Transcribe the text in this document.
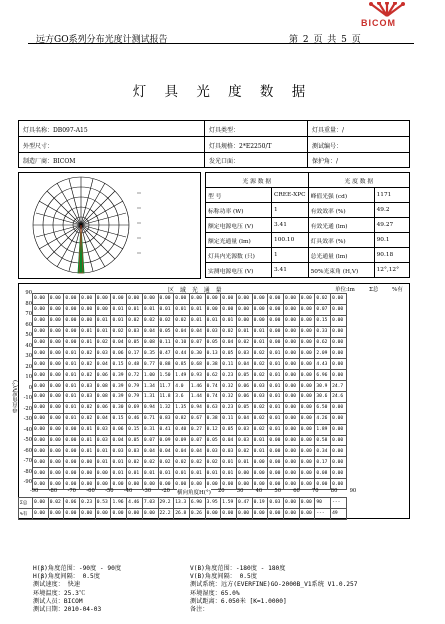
远方GO系列分布光度计测试报告	第 2 页 共 5 页
BICOM
灯 具 光 度 数 据
灯具名称：DB097-A15	灯具类型：	灯具重量：/
外型尺寸：	灯具规格：2*E2250/T	测试编号：
制造厂商：BICOM	发光口面：	保护角：/
光 源 数 据		光 度 数 据	
型 号	CREE-XPC	峰值光强 (cd)	1171
标称功率 (W)	1	有效效率 (%)	49.2
额定电源电压 (V)	3.41	有效光通 (lm)	49.27
额定光通量 (lm)	100.10	灯具效率 (%)	90.1
灯具内光源数 (只)	1	总光通量 (lm)	90.18
实测电源电压 (V)	3.41	50%光束角 (H,V)	12°,12°
区 域 光 通 量	单位:lm	Σ总 %有
90
80
70
60
50
40
30
20
10
0
-10
-20
-30
-40
-50
-60
-70
-80
-90
垂直角度V(°)
0.00	0.00	0.00	0.00	0.00	0.00	0.00	0.00	0.00	0.00	0.00	0.00	0.00	0.00	0.00	0.00	0.00	0.00	0.02	0.00
0.00	0.00	0.00	0.00	0.00	0.01	0.01	0.01	0.01	0.01	0.01	0.00	0.00	0.00	0.00	0.00	0.00	0.00	0.07	0.00
0.00	0.00	0.00	0.00	0.01	0.01	0.02	0.02	0.02	0.02	0.01	0.01	0.01	0.00	0.00	0.00	0.00	0.00	0.15	0.00
0.00	0.00	0.00	0.01	0.01	0.02	0.03	0.04	0.05	0.04	0.04	0.03	0.02	0.01	0.01	0.00	0.00	0.00	0.33	0.00
0.00	0.00	0.00	0.01	0.02	0.04	0.05	0.08	0.11	0.10	0.07	0.05	0.04	0.02	0.01	0.00	0.00	0.00	0.62	0.00
0.00	0.00	0.01	0.02	0.03	0.06	0.17	0.35	0.47	0.44	0.30	0.13	0.05	0.03	0.02	0.01	0.00	0.00	2.09	0.00
0.00	0.00	0.01	0.02	0.04	0.15	0.48	0.77	0.88	0.85	0.68	0.38	0.11	0.04	0.02	0.01	0.00	0.00	4.43	0.00
0.00	0.00	0.01	0.02	0.06	0.39	0.72	1.00	1.50	1.49	0.93	0.62	0.23	0.05	0.02	0.01	0.00	0.00	6.96	0.00
0.00	0.00	0.01	0.03	0.08	0.39	0.79	1.34	11.7	4.0	1.46	0.74	0.32	0.06	0.03	0.01	0.00	0.00	30.9	24.7
0.00	0.00	0.01	0.03	0.08	0.39	0.79	1.31	11.8	3.6	1.44	0.74	0.32	0.06	0.03	0.01	0.00	0.00	30.6	24.6
0.00	0.00	0.01	0.02	0.06	0.30	0.69	0.94	1.32	1.35	0.94	0.63	0.23	0.05	0.02	0.01	0.00	0.00	6.50	0.00
0.00	0.00	0.01	0.02	0.04	0.15	0.46	0.71	0.83	0.82	0.67	0.38	0.11	0.04	0.02	0.01	0.00	0.00	4.26	0.00
0.00	0.00	0.00	0.01	0.03	0.06	0.15	0.31	0.41	0.40	0.27	0.12	0.05	0.03	0.02	0.01	0.00	0.00	1.89	0.00
0.00	0.00	0.00	0.01	0.03	0.04	0.05	0.07	0.09	0.09	0.07	0.05	0.04	0.03	0.01	0.00	0.00	0.00	0.58	0.00
0.00	0.00	0.00	0.01	0.01	0.03	0.03	0.04	0.04	0.04	0.04	0.03	0.03	0.02	0.01	0.00	0.00	0.00	0.34	0.00
0.00	0.00	0.00	0.00	0.01	0.01	0.02	0.02	0.02	0.02	0.02	0.02	0.01	0.01	0.00	0.00	0.00	0.00	0.17	0.00
0.00	0.00	0.00	0.00	0.00	0.01	0.01	0.01	0.01	0.01	0.01	0.01	0.01	0.00	0.00	0.00	0.00	0.00	0.08	0.00
0.00	0.00	0.00	0.00	0.00	0.00	0.00	0.00	0.00	0.00	0.00	0.00	0.00	0.00	0.00	0.00	0.00	0.00	0.00	0.00
-90 -80 -70 -60 -50 -40 -30 -20	20 30 40 50 60 70 80 90
横向角度H(°)
Σ总	0.00	0.02	0.06	0.23	0.53	1.96	4.46	7.03	29.2	13.3	6.90	3.95	1.59	0.47	0.19	0.03	0.00	0.00	90	---
%有	0.00	0.00	0.00	0.00	0.00	0.00	0.00	0.00	22.2	26.8	0.26	0.00	0.00	0.00	0.00	0.00	0.00	0.00	---	49
H(β)角度范围：-90度 - 90度
H(β)角度间隔： 0.5度
测试速度： 快速
环境温度：25.3℃
测试人员：BICOM
测试日期：2010-04-03
V(B)角度范围：-180度 - 180度
V(B)角度间隔： 0.5度
测试系统：远方(EVERFINE)GO-2000B_V1系统 V1.0.257
环境湿度：65.0%
测试距离：6.050米 [K=1.0000]
备注：
